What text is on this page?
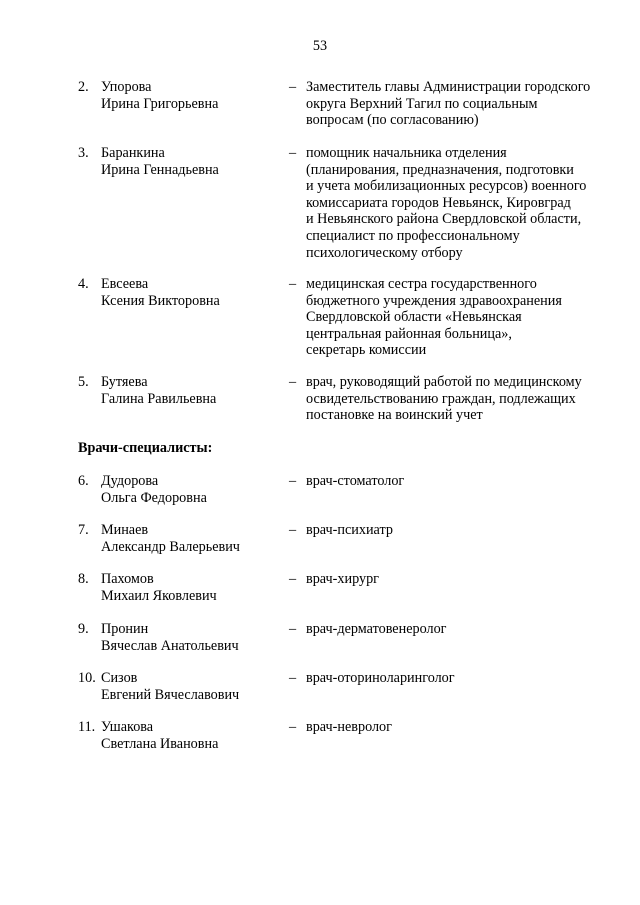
53
2. Упорова
Ирина Григорьевна
– Заместитель главы Администрации городского
округа Верхний Тагил по социальным
вопросам (по согласованию)
3. Баранкина
Ирина Геннадьевна
– помощник начальника отделения
(планирования, предназначения, подготовки
и учета мобилизационных ресурсов) военного
комиссариата городов Невьянск, Кировград
и Невьянского района Свердловской области,
специалист по профессиональному
психологическому отбору
4. Евсеева
Ксения Викторовна
– медицинская сестра государственного
бюджетного учреждения здравоохранения
Свердловской области «Невьянская
центральная районная больница»,
секретарь комиссии
5. Бутяева
Галина Равильевна
– врач, руководящий работой по медицинскому
освидетельствованию граждан, подлежащих
постановке на воинский учет
Врачи-специалисты:
6. Дудорова
Ольга Федоровна
– врач-стоматолог
7. Минаев
Александр Валерьевич
– врач-психиатр
8. Пахомов
Михаил Яковлевич
– врач-хирург
9. Пронин
Вячеслав Анатольевич
– врач-дерматовенеролог
10. Сизов
Евгений Вячеславович
– врач-оториноларинголог
11. Ушакова
Светлана Ивановна
– врач-невролог
